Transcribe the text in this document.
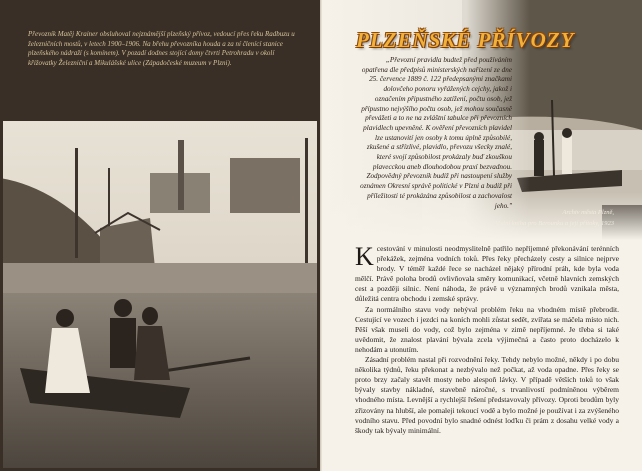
Převozník Matěj Krainer obsluhoval nejznámější plzeňský přívoz, vedoucí přes řeku Radbuzu u železničních mostů, v letech 1900–1906. Na břehu převozníka houda a za ní členící stanice plzeňského nádraží (s komínem). V pozadí dodnes stojící domy čtvrti Petrohradu v okolí křižovatky Železniční a Mikulášské ulice (Západočeské muzeum v Plzni).

PLZEŇSKÉ PŘÍVOZY

„Převozní pravidla budtež před používáním opatřena dle předpisů ministerských nařízení ze dne 25. července 1889 č. 122 předepsanými značkami dolovčeho ponoru vyřážených cejchy, jakož i označením připustného zatížení, počtu osob, jež přípustno nejvýšího počtu osob, jež mohou současně převážeti a to ne na zvláštní tabulce při převozních plavidlech upevněné. K ověření převozních plavidel lze ustanovití jen osoby k tomu úplně způsobilé, zkušené a střízlivé, plavidlo, převozu všecky znalé, které svojí způsobilost prokázaly buď zkouškou plavecckou aneb dlouhodobou praxí bezvadnou. Zodpovědný převozník budiž při nastoupení služby oznámen Okresní správě politické v Plzni a budiž při příležitosti té prokázána způsobilost a zachovalost jeho."

Archiv města Plzně,
Vodní kniha pro Berounku a její přítoky, 1923

Kcestování v minulosti neodmyslitelně patřilo nepříjemné překonávání terénních překážek, zejména vodních toků. Přes řeky přecházely cesty a silnice nejprve brody. V téměř každé řece se nacházel nějaký přírodní práh, kde byla voda mělčí. Právě poloha brodů ovlivňovala směry komunikací, včetně hlavních zemských cest a později silnic. Není náhoda, že právě u významných brodů vznikala města, důležitá centra obchodu i zemské správy.

Za normálního stavu vody nebýval problém řeku na vhodném místě přebrodit. Cestující ve vozech i jezdci na koních mohli zůstat sedět, zvířata se máčela místo nich. Pěší však museli do vody, což bylo zejména v zimě nepříjemné. Je třeba si také uvědomit, že znalost plavání bývala zcela výjimečná a často proto docházelo k nehodám a utonutím.

Zásadní problém nastal při rozvodnění řeky. Tehdy nebylo možné, někdy i po dobu několika týdnů, řeku překonat a nezbývalo než počkat, až voda opadne. Přes řeky se proto brzy začaly stavět mosty nebo alespoň lávky. V případě větších toků to však bývaly stavby nákladné, stavebně náročné, s trvanlivostí podmíněnou výběrem vhodného místa. Levnější a rychlejší řešení představovaly přívozy. Oproti brodům byly zřizovány na hlubší, ale pomaleji tekoucí vodě a bylo možné je používat i za zvýšeného vodního stavu. Před povodní bylo snadné odnést loďku či prám z dosahu velké vody a škody tak bývaly minimální.
